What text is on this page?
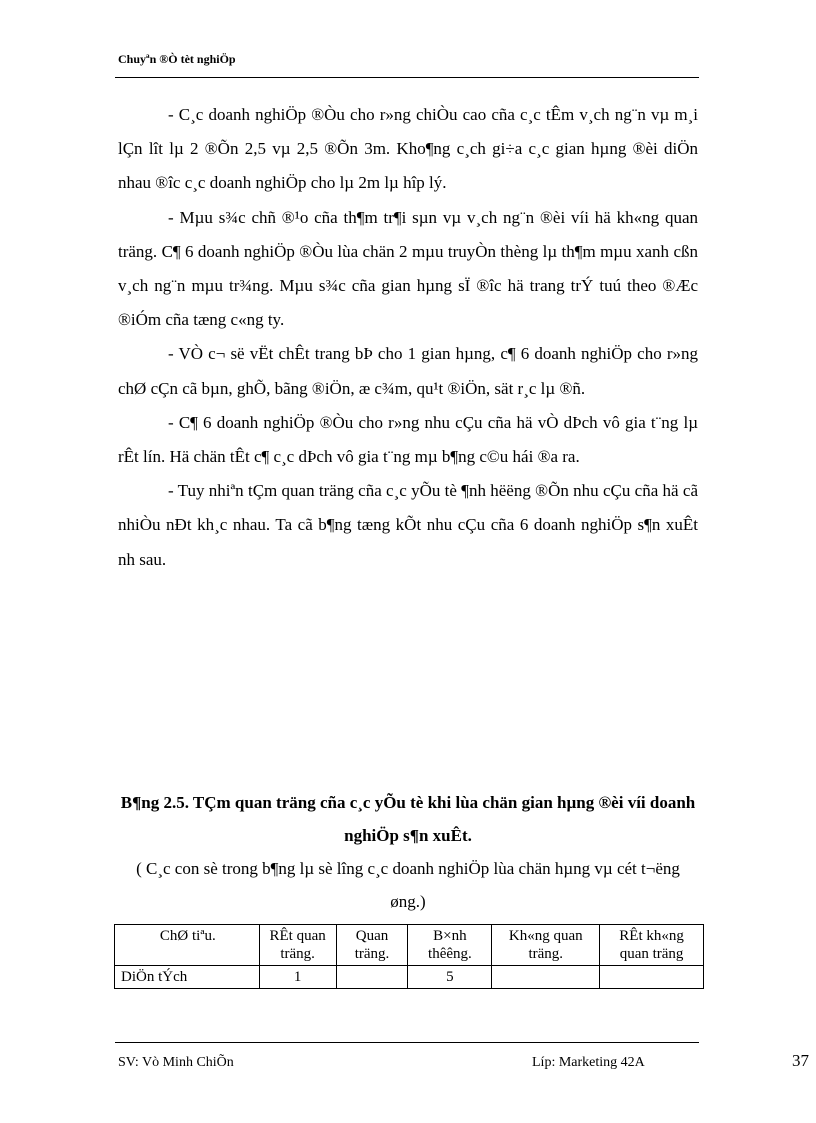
Chuyªn ®Ò tèt nghiÖp

- C¸c doanh nghiÖp ®Òu cho r»ng chiÒu cao cña c¸c tÊm v¸ch ng¨n vµ m¸i lÇn lît lµ 2 ®Õn 2,5 vµ 2,5 ®Õn 3m. Kho¶ng c¸ch gi÷a c¸c gian hµng ®èi diÖn nhau ®îc c¸c doanh nghiÖp cho lµ 2m lµ hîp lý.

- Mµu s¾c chñ ®¹o cña th¶m tr¶i sµn vµ v¸ch ng¨n ®èi víi hä kh«ng quan träng. C¶ 6 doanh nghiÖp ®Òu lùa chän 2 mµu truyÒn thèng lµ th¶m mµu xanh cßn v¸ch ng¨n mµu tr¾ng. Mµu s¾c cña gian hµng sÏ ®îc hä trang trÝ tuú theo ®Æc ®iÓm cña tæng c«ng ty.

- VÒ c¬ së vËt chÊt trang bÞ cho 1 gian hµng, c¶ 6 doanh nghiÖp cho r»ng chØ cÇn cã bµn, ghÕ, bãng ®iÖn, æ c¾m, qu¹t ®iÖn, sät r¸c lµ ®ñ.

- C¶ 6 doanh nghiÖp ®Òu cho r»ng nhu cÇu cña hä vÒ dÞch vô gia t¨ng lµ rÊt lín. Hä chän tÊt c¶ c¸c dÞch vô gia t¨ng mµ b¶ng c©u hái ®a ra.

- Tuy nhiªn tÇm quan träng cña c¸c yÕu tè ¶nh hëëng ®Õn nhu cÇu cña hä cã nhiÒu nÐt kh¸c nhau. Ta cã b¶ng tæng kÕt nhu cÇu cña 6 doanh nghiÖp s¶n xuÊt nh sau.

B¶ng 2.5. TÇm quan träng cña c¸c yÕu tè khi lùa chän gian hµng ®èi víi doanh nghiÖp s¶n xuÊt.
( C¸c con sè trong b¶ng lµ sè lîng c¸c doanh nghiÖp lùa chän hµng vµ cét t¬ëng øng.)
ChØ tiªu.	RÊt quan träng.	Quan träng.	B×nh thêêng.	Kh«ng quan träng.	RÊt kh«ng quan träng
DiÖn tÝch	1		5		
SV: Vò Minh ChiÕn	Líp: Marketing 42A	37
